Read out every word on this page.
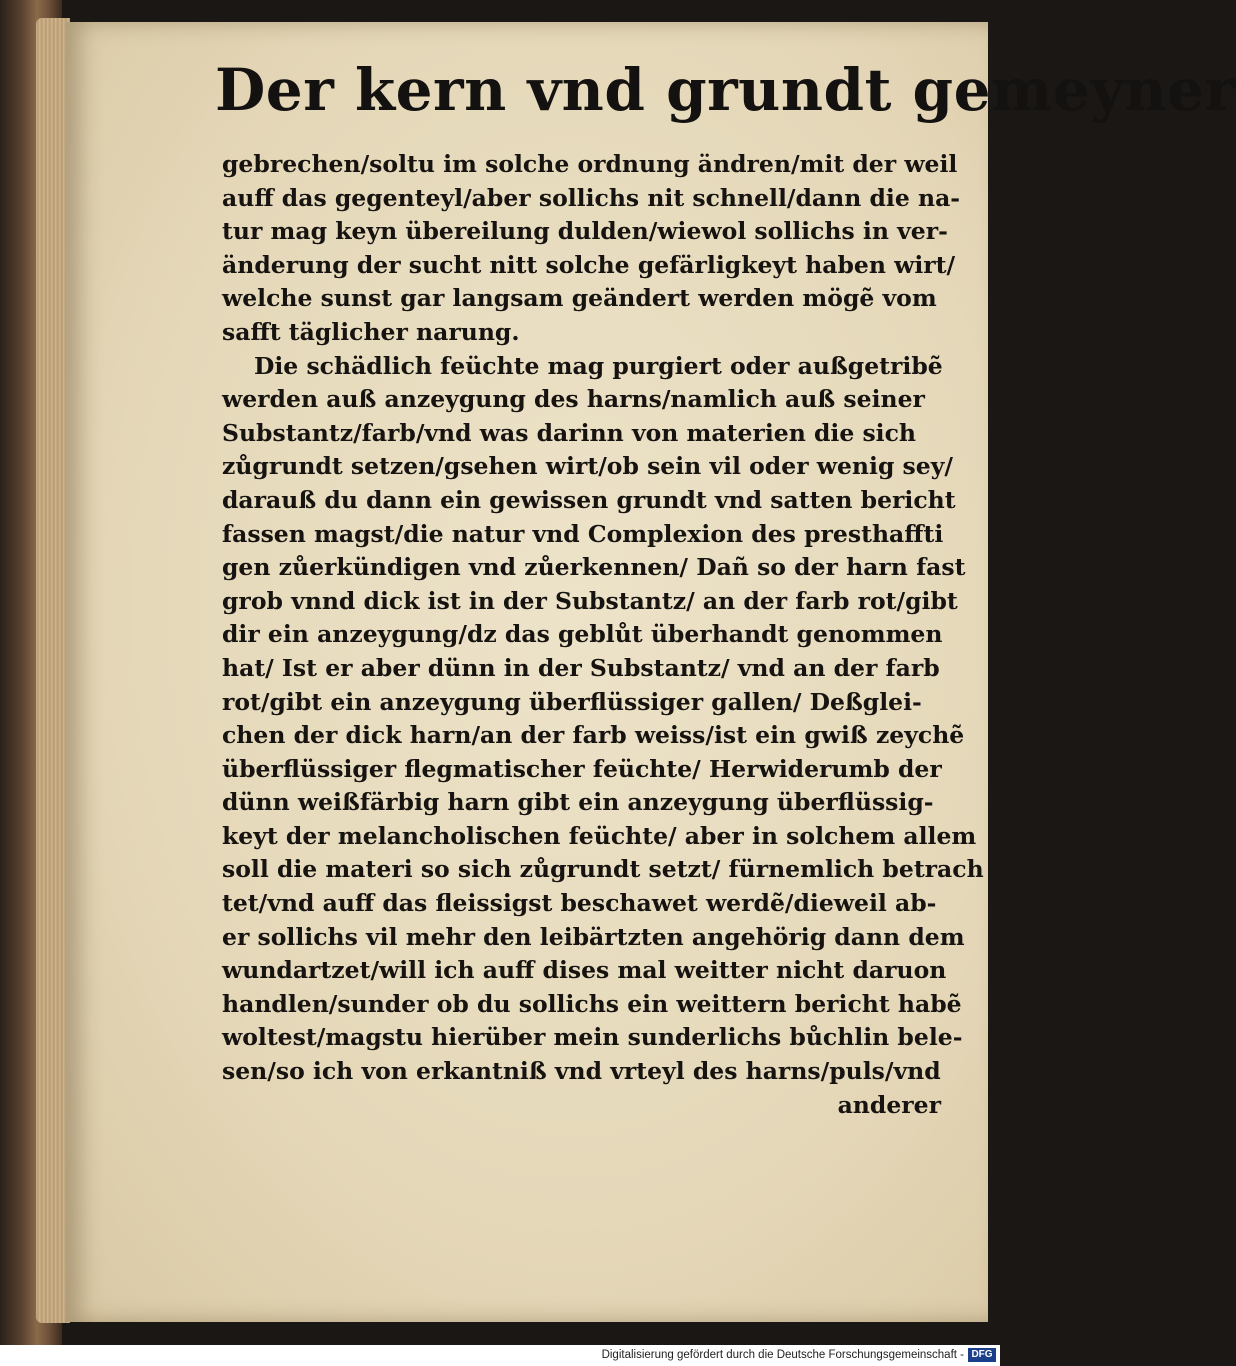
Der kern vnd grundt gemeyner
gebrechen/soltu im solche ordnung ändren/mit der weil
auff das gegenteyl/aber sollichs nit schnell/dann die na-
tur mag keyn übereilung dulden/wiewol sollichs in ver-
änderung der sucht nitt solche gefärligkeyt haben wirt/
welche sunst gar langsam geändert werden mögẽ vom
safft täglicher narung.
Die schädlich feüchte mag purgiert oder außgetribẽ
werden auß anzeygung des harns/namlich auß seiner
Substantz/farb/vnd was darinn von materien die sich
zůgrundt setzen/gsehen wirt/ob sein vil oder wenig sey/
darauß du dann ein gewissen grundt vnd satten bericht
fassen magst/die natur vnd Complexion des presthaffti
gen zůerkündigen vnd zůerkennen/ Dañ so der harn fast
grob vnnd dick ist in der Substantz/ an der farb rot/gibt
dir ein anzeygung/dz das geblůt überhandt genommen
hat/ Ist er aber dünn in der Substantz/ vnd an der farb
rot/gibt ein anzeygung überflüssiger gallen/ Deßglei-
chen der dick harn/an der farb weiss/ist ein gwiß zeychẽ
überflüssiger flegmatischer feüchte/ Herwiderumb der
dünn weißfärbig harn gibt ein anzeygung überflüssig-
keyt der melancholischen feüchte/ aber in solchem allem
soll die materi so sich zůgrundt setzt/ fürnemlich betrach
tet/vnd auff das fleissigst beschawet werdẽ/dieweil ab-
er sollichs vil mehr den leibärtzten angehörig dann dem
wundartzet/will ich auff dises mal weitter nicht daruon
handlen/sunder ob du sollichs ein weittern bericht habẽ
woltest/magstu hierüber mein sunderlichs bůchlin bele-
sen/so ich von erkantniß vnd vrteyl des harns/puls/vnd
anderer
Digitalisierung gefördert durch die Deutsche Forschungsgemeinschaft - DFG
